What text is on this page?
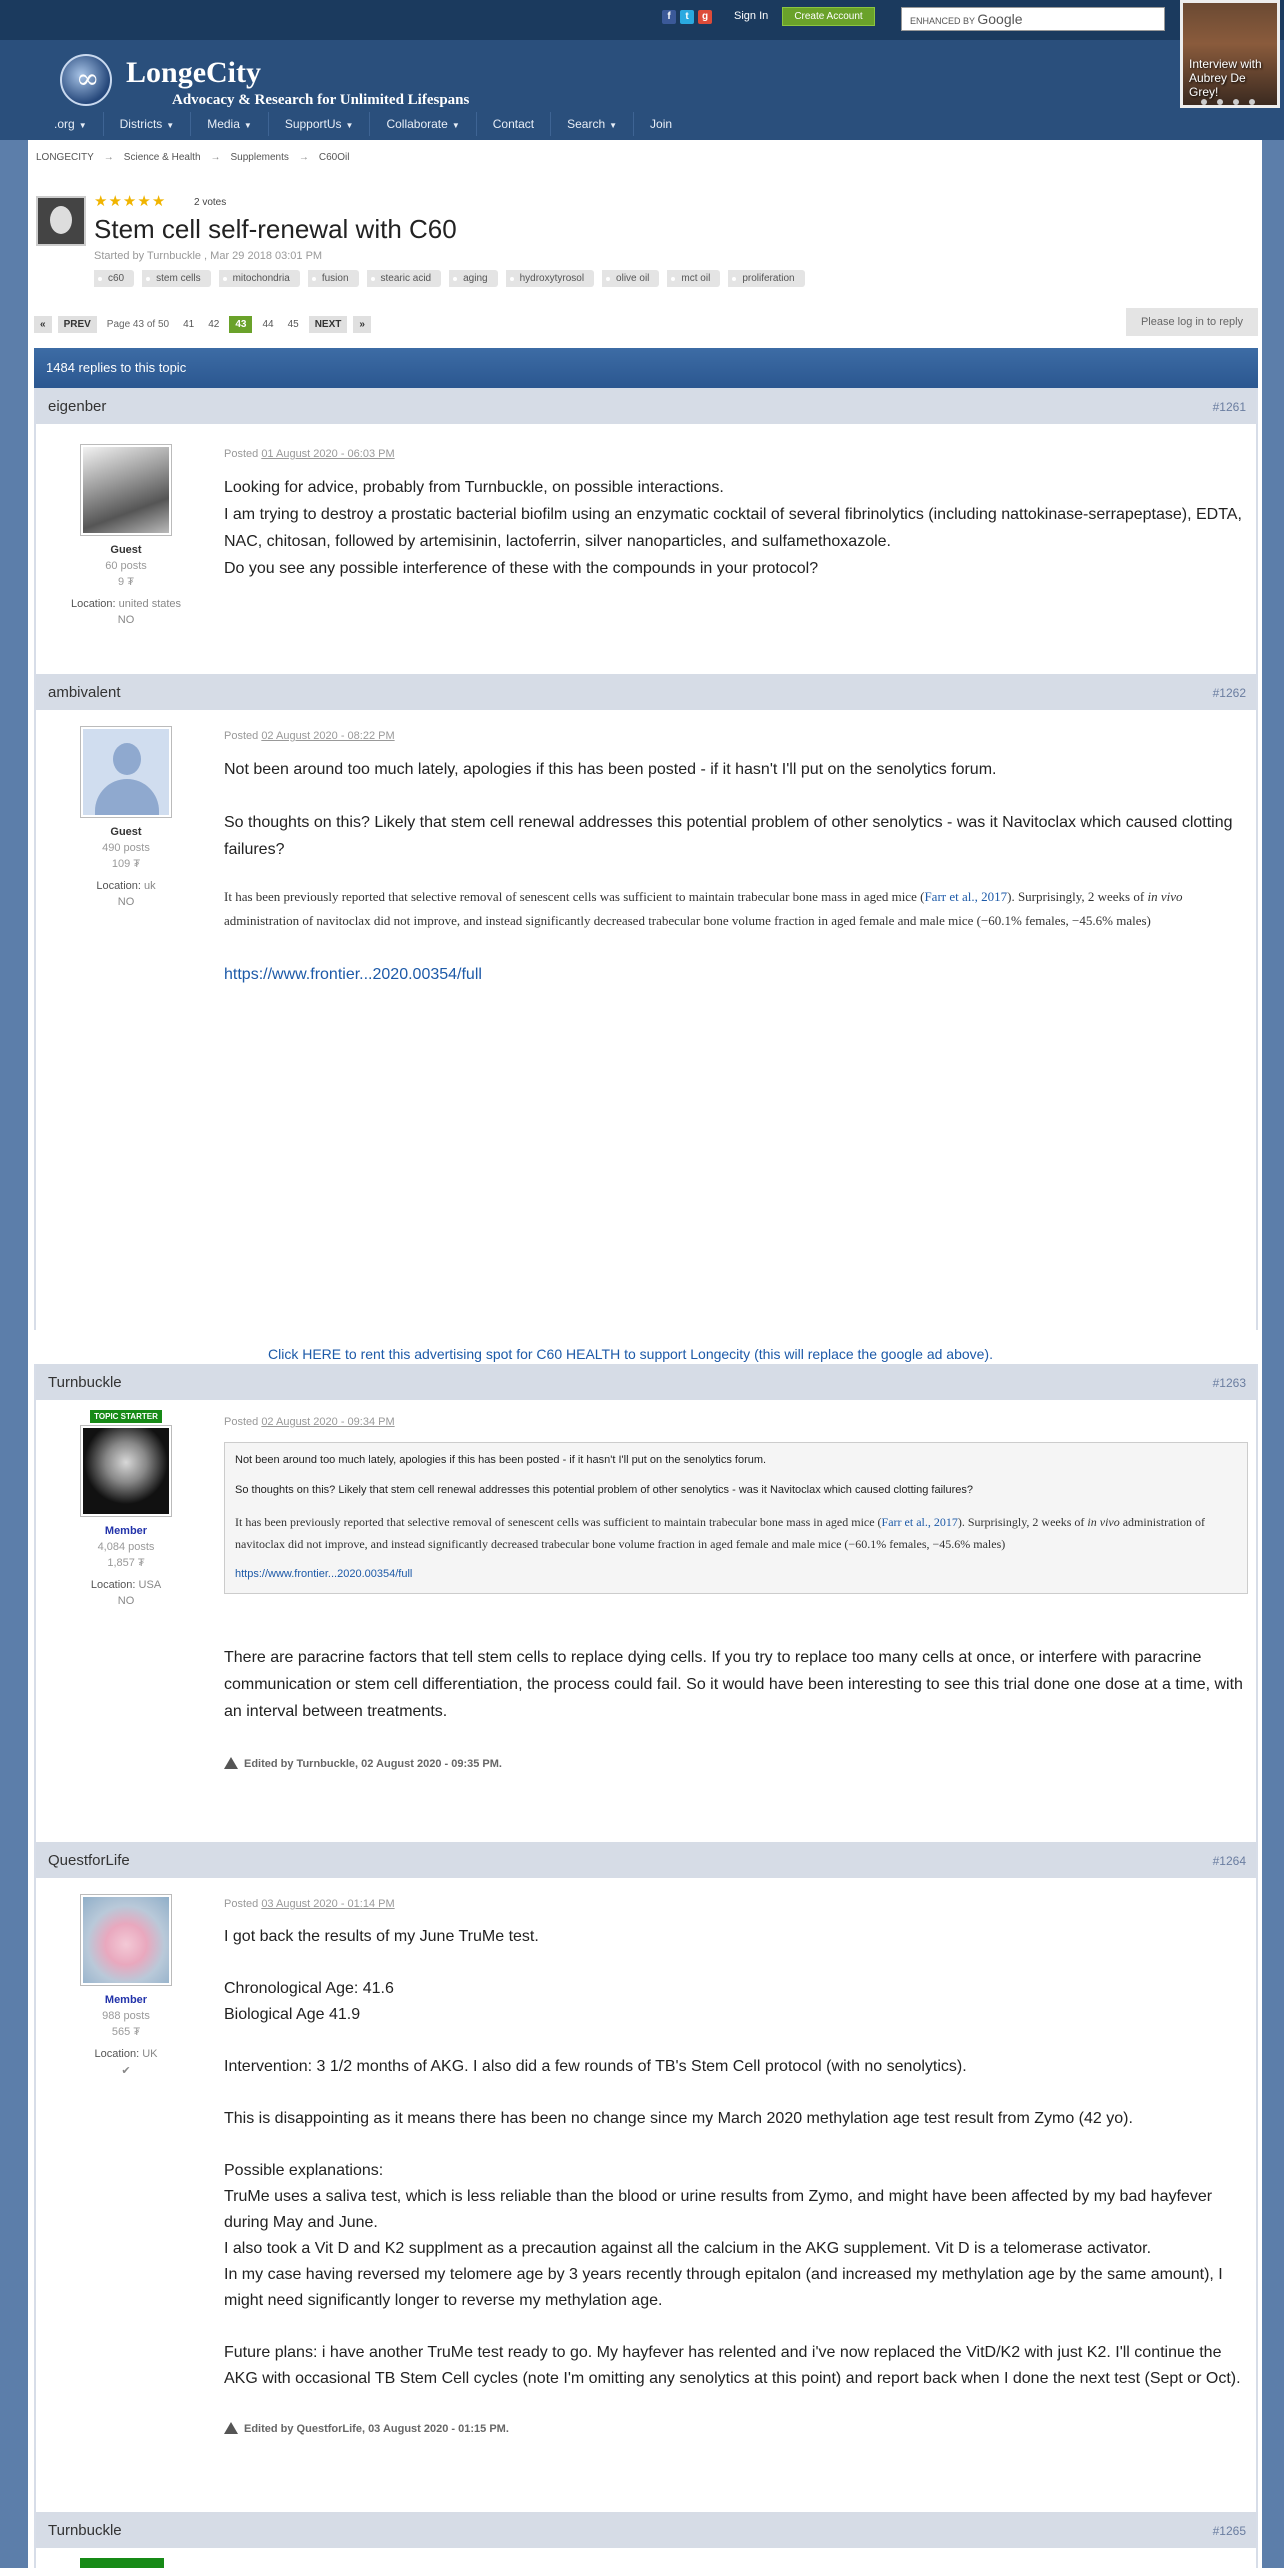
f	t	g	Sign In	Create Account	ENHANCED BY Google
∞ LongeCity
Advocacy & Research for Unlimited Lifespans
.org ▼	Districts ▼	Media ▼	SupportUs ▼	Collaborate ▼	Contact	Search ▼	Join
Interview with Aubrey De Grey!
LONGECITY → Science & Health → Supplements → C60Oil
★ ★ ★ ★ ★	2 votes
Stem cell self-renewal with C60
Started by Turnbuckle , Mar 29 2018 03:01 PM
c60	stem cells	mitochondria	fusion	stearic acid	aging	hydroxytyrosol	olive oil	mct oil	proliferation
«	PREV	Page 43 of 50	41	42	43	44	45	NEXT	»	Please log in to reply
1484 replies to this topic
eigenber	#1261
Guest
60 posts
9 ₮
Location: united states
NO
Posted 01 August 2020 - 06:03 PM

Looking for advice, probably from Turnbuckle, on possible interactions.

I am trying to destroy a prostatic bacterial biofilm using an enzymatic cocktail of several fibrinolytics (including nattokinase-serrapeptase), EDTA, NAC, chitosan, followed by artemisinin, lactoferrin, silver nanoparticles, and sulfamethoxazole.

Do you see any possible interference of these with the compounds in your protocol?

ambivalent	#1262
Guest
490 posts
109 ₮
Location: uk
NO
Posted 02 August 2020 - 08:22 PM

Not been around too much lately, apologies if this has been posted - if it hasn't I'll put on the senolytics forum.

So thoughts on this? Likely that stem cell renewal addresses this potential problem of other senolytics - was it Navitoclax which caused clotting failures?

It has been previously reported that selective removal of senescent cells was sufficient to maintain trabecular bone mass in aged mice (Farr et al., 2017). Surprisingly, 2 weeks of in vivo administration of navitoclax did not improve, and instead significantly decreased trabecular bone volume fraction in aged female and male mice (−60.1% females, −45.6% males)
https://www.frontier...2020.00354/full
Click HERE to rent this advertising spot for C60 HEALTH to support Longecity (this will replace the google ad above).
Turnbuckle	#1263
TOPIC STARTER
Member
4,084 posts
1,857 ₮
Location: USA
NO
Posted 02 August 2020 - 09:34 PM
Not been around too much lately, apologies if this has been posted - if it hasn't I'll put on the senolytics forum.
So thoughts on this? Likely that stem cell renewal addresses this potential problem of other senolytics - was it Navitoclax which caused clotting failures?
It has been previously reported that selective removal of senescent cells was sufficient to maintain trabecular bone mass in aged mice (Farr et al., 2017). Surprisingly, 2 weeks of in vivo administration of navitoclax did not improve, and instead significantly decreased trabecular bone volume fraction in aged female and male mice (−60.1% females, −45.6% males)
https://www.frontier...2020.00354/full
There are paracrine factors that tell stem cells to replace dying cells. If you try to replace too many cells at once, or interfere with paracrine communication or stem cell differentiation, the process could fail. So it would have been interesting to see this trial done one dose at a time, with an interval between treatments.
Edited by Turnbuckle, 02 August 2020 - 09:35 PM.
QuestforLife	#1264
Member
988 posts
565 ₮
Location: UK
✔
Posted 03 August 2020 - 01:14 PM

I got back the results of my June TruMe test.

Chronological Age: 41.6

Biological Age 41.9

Intervention: 3 1/2 months of AKG. I also did a few rounds of TB's Stem Cell protocol (with no senolytics).

This is disappointing as it means there has been no change since my March 2020 methylation age test result from Zymo (42 yo).

Possible explanations:

TruMe uses a saliva test, which is less reliable than the blood or urine results from Zymo, and might have been affected by my bad hayfever during May and June.

I also took a Vit D and K2 supplment as a precaution against all the calcium in the AKG supplement. Vit D is a telomerase activator.

In my case having reversed my telomere age by 3 years recently through epitalon (and increased my methylation age by the same amount), I might need significantly longer to reverse my methylation age.

Future plans: i have another TruMe test ready to go. My hayfever has relented and i've now replaced the VitD/K2 with just K2. I'll continue the AKG with occasional TB Stem Cell cycles (note I'm omitting any senolytics at this point) and report back when I done the next test (Sept or Oct).

Edited by QuestforLife, 03 August 2020 - 01:15 PM.
Turnbuckle	#1265
